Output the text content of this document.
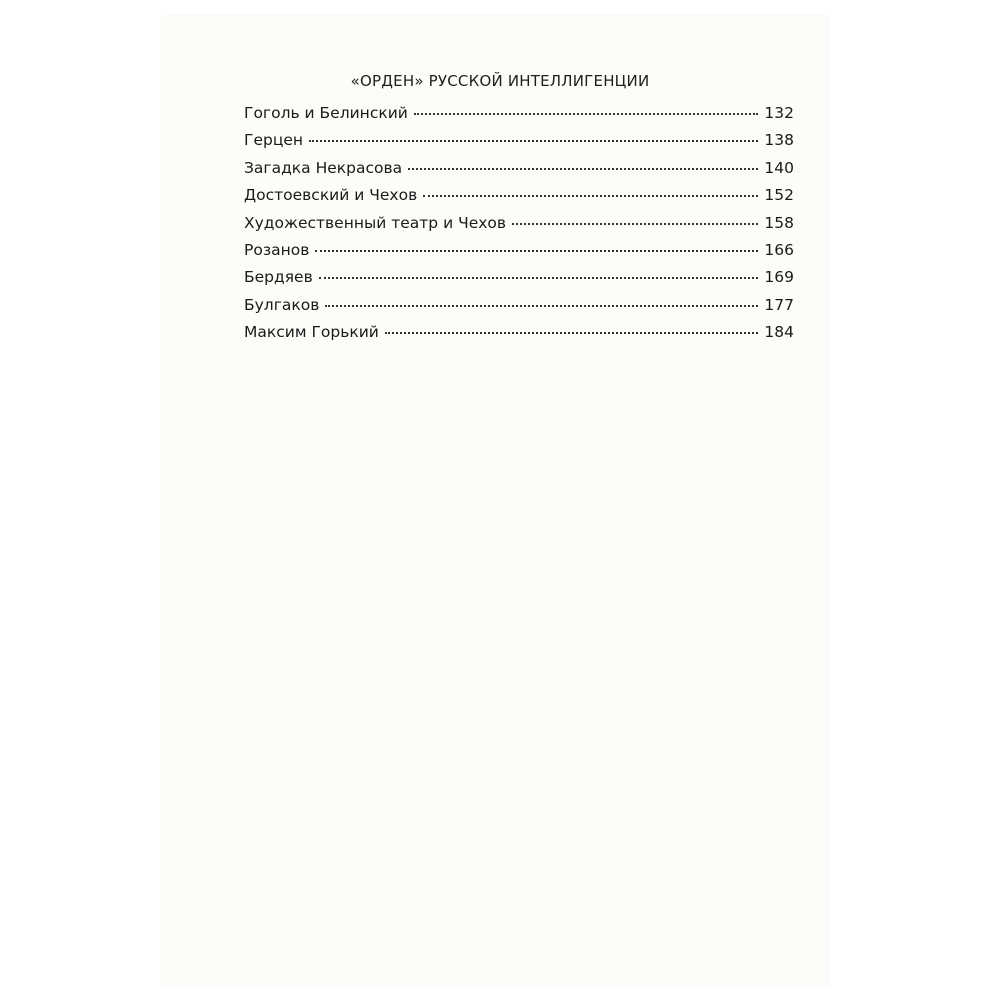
«ОРДЕН» РУССКОЙ ИНТЕЛЛИГЕНЦИИ
Гоголь и Белинский	132
Герцен	138
Загадка Некрасова	140
Достоевский и Чехов	152
Художественный театр и Чехов	158
Розанов	166
Бердяев	169
Булгаков	177
Максим Горький	184
